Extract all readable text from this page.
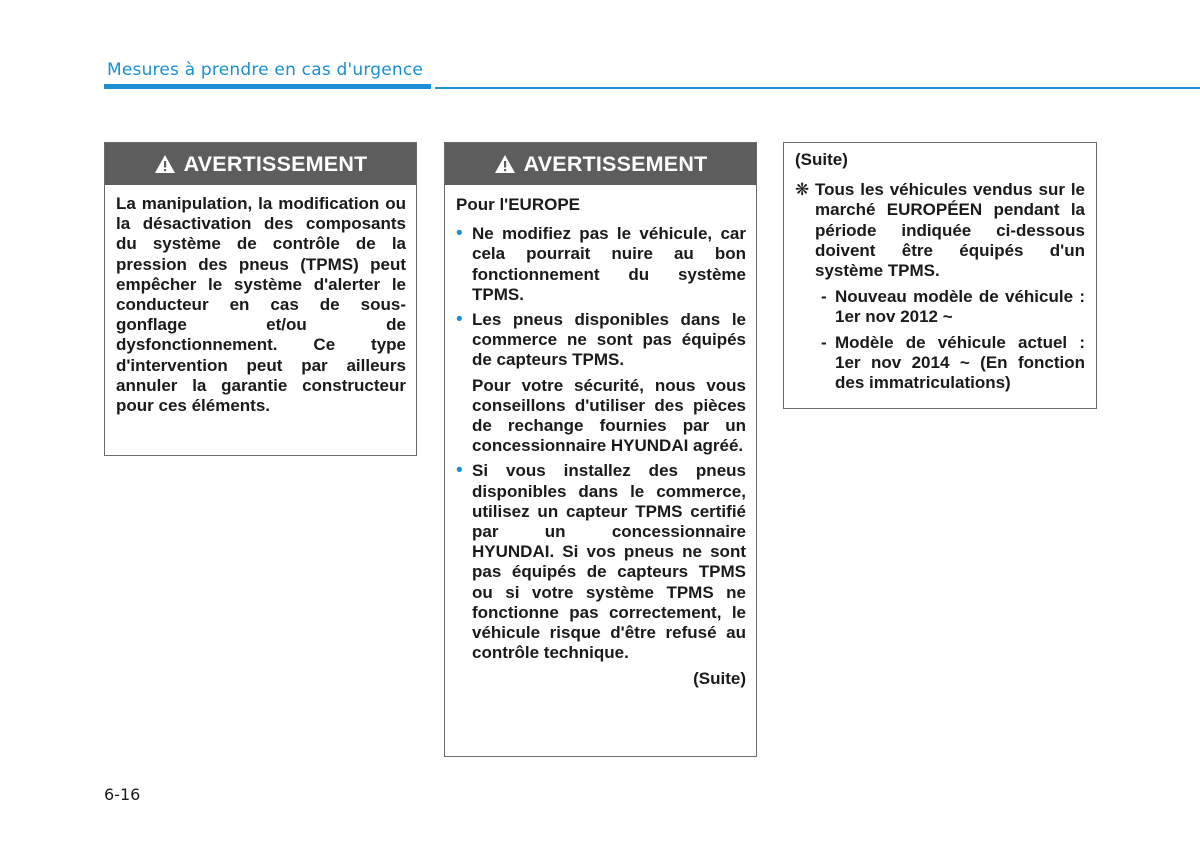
Mesures à prendre en cas d'urgence
AVERTISSEMENT
La manipulation, la modification ou la désactivation des composants du système de contrôle de la pression des pneus (TPMS) peut empêcher le système d'alerter le conducteur en cas de sous-gonflage et/ou de dysfonctionnement. Ce type d'intervention peut par ailleurs annuler la garantie constructeur pour ces éléments.
AVERTISSEMENT
Pour l'EUROPE
• Ne modifiez pas le véhicule, car cela pourrait nuire au bon fonctionnement du système TPMS.
• Les pneus disponibles dans le commerce ne sont pas équipés de capteurs TPMS.
Pour votre sécurité, nous vous conseillons d'utiliser des pièces de rechange fournies par un concessionnaire HYUNDAI agréé.
• Si vous installez des pneus disponibles dans le commerce, utilisez un capteur TPMS certifié par un concessionnaire HYUNDAI. Si vos pneus ne sont pas équipés de capteurs TPMS ou si votre système TPMS ne fonctionne pas correctement, le véhicule risque d'être refusé au contrôle technique.
(Suite)
(Suite)
❋ Tous les véhicules vendus sur le marché EUROPÉEN pendant la période indiquée ci-dessous doivent être équipés d'un système TPMS.
- Nouveau modèle de véhicule : 1er nov 2012 ~
- Modèle de véhicule actuel : 1er nov 2014 ~ (En fonction des immatriculations)
6-16
